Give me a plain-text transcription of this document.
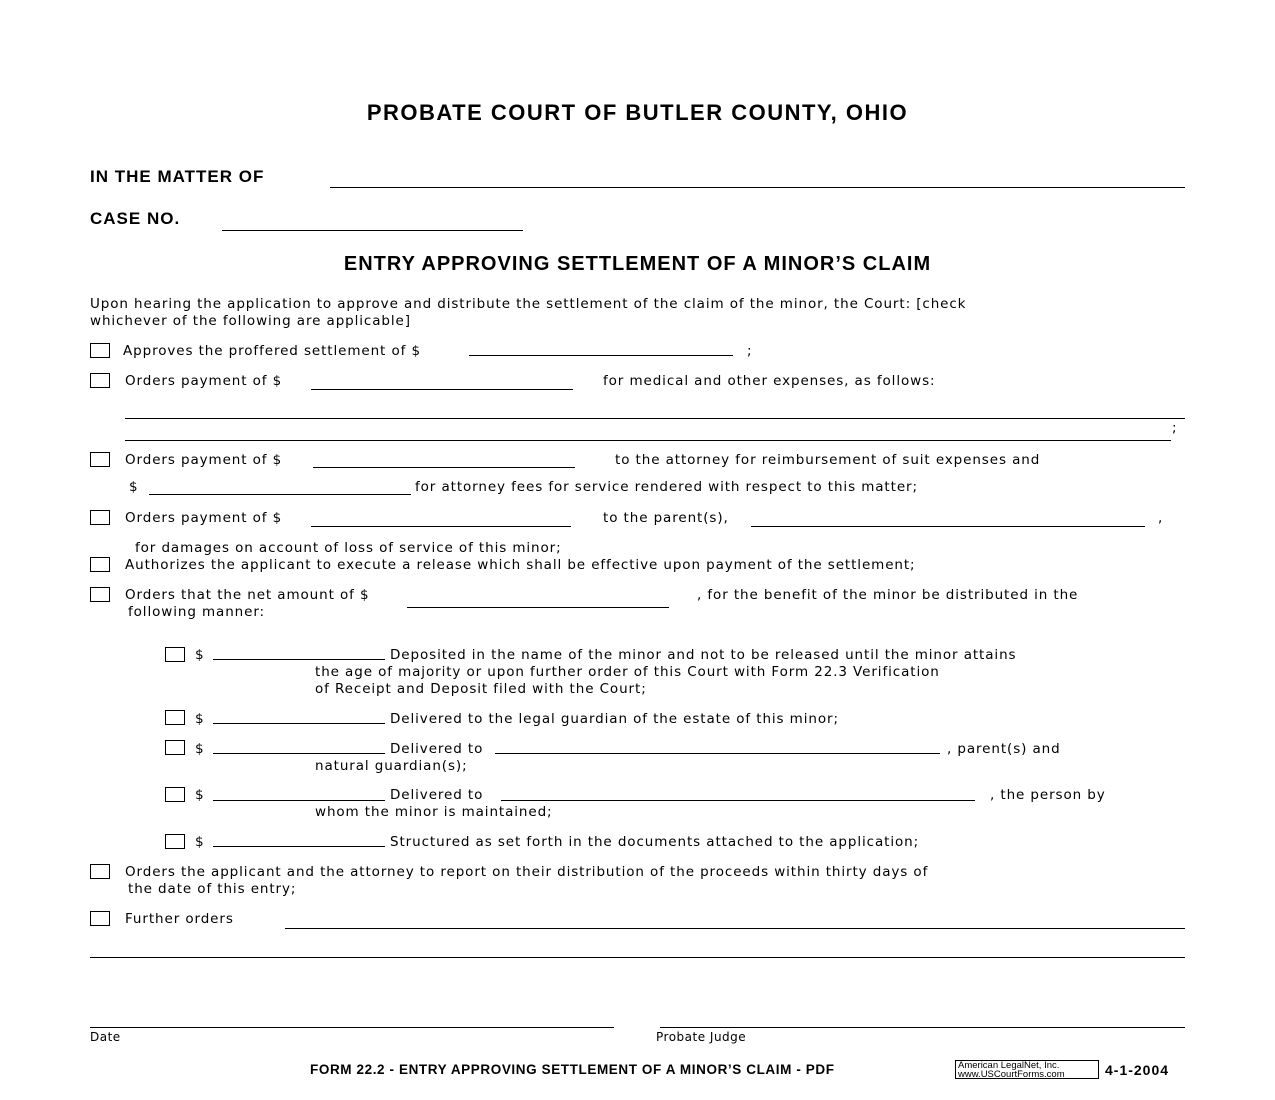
PROBATE COURT OF BUTLER COUNTY, OHIO
IN THE MATTER OF
CASE NO.
ENTRY APPROVING SETTLEMENT OF A MINOR’S CLAIM
Upon hearing the application to approve and distribute the settlement of the claim of the minor, the Court: [check
whichever of the following are applicable]
Approves the proffered settlement of $	;
Orders payment of $	for medical and other expenses, as follows:
;
Orders payment of $	to the attorney for reimbursement of suit expenses and
$	for attorney fees for service rendered with respect to this matter;
Orders payment of $	to the parent(s),	,
for damages on account of loss of service of this minor;
Authorizes the applicant to execute a release which shall be effective upon payment of the settlement;
Orders that the net amount of $	, for the benefit of the minor be distributed in the
following manner:
$	Deposited in the name of the minor and not to be released until the minor attains
the age of majority or upon further order of this Court with Form 22.3 Verification
of Receipt and Deposit filed with the Court;
$	Delivered to the legal guardian of the estate of this minor;
$	Delivered to	, parent(s) and
natural guardian(s);
$	Delivered to	, the person by
whom the minor is maintained;
$	Structured as set forth in the documents attached to the application;
Orders the applicant and the attorney to report on their distribution of the proceeds within thirty days of
the date of this entry;
Further orders
Date	Probate Judge
FORM 22.2 - ENTRY APPROVING SETTLEMENT OF A MINOR’S CLAIM - PDF	American LegalNet, Inc.
www.USCourtForms.com	4-1-2004
